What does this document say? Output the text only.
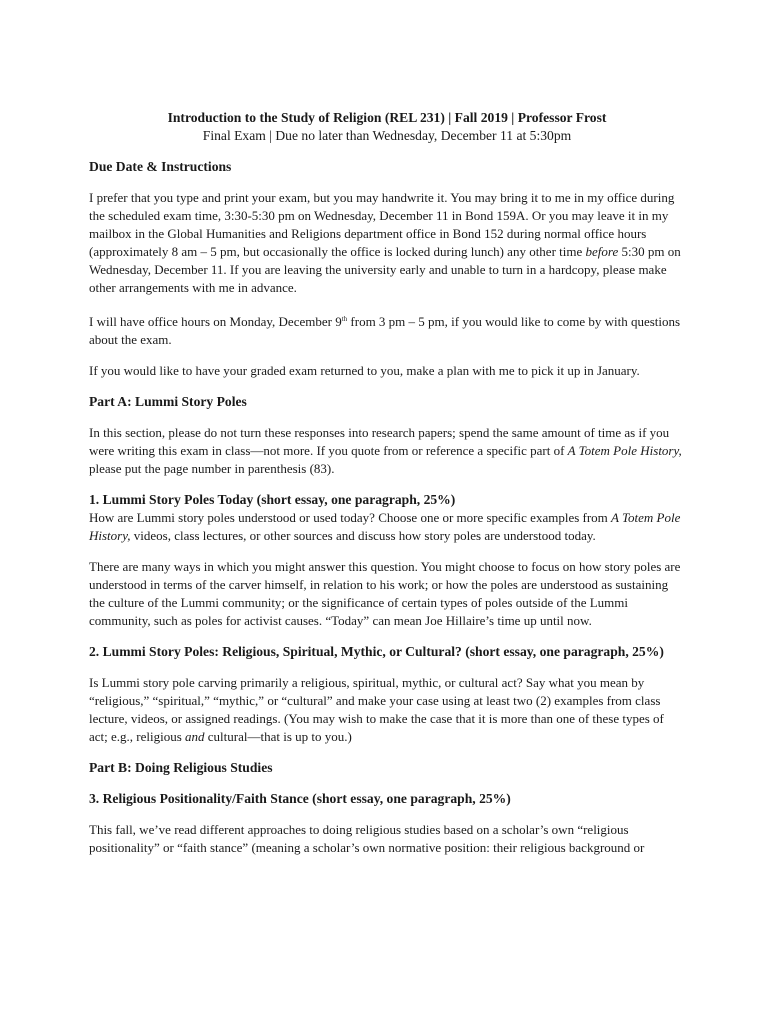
Introduction to the Study of Religion (REL 231) | Fall 2019 | Professor Frost
Final Exam | Due no later than Wednesday, December 11 at 5:30pm
Due Date & Instructions

I prefer that you type and print your exam, but you may handwrite it. You may bring it to me in my office during the scheduled exam time, 3:30-5:30 pm on Wednesday, December 11 in Bond 159A. Or you may leave it in my mailbox in the Global Humanities and Religions department office in Bond 152 during normal office hours (approximately 8 am – 5 pm, but occasionally the office is locked during lunch) any other time before 5:30 pm on Wednesday, December 11. If you are leaving the university early and unable to turn in a hardcopy, please make other arrangements with me in advance.

I will have office hours on Monday, December 9th from 3 pm – 5 pm, if you would like to come by with questions about the exam.

If you would like to have your graded exam returned to you, make a plan with me to pick it up in January.

Part A: Lummi Story Poles

In this section, please do not turn these responses into research papers; spend the same amount of time as if you were writing this exam in class—not more. If you quote from or reference a specific part of A Totem Pole History, please put the page number in parenthesis (83).

1. Lummi Story Poles Today (short essay, one paragraph, 25%)

How are Lummi story poles understood or used today? Choose one or more specific examples from A Totem Pole History, videos, class lectures, or other sources and discuss how story poles are understood today.

There are many ways in which you might answer this question. You might choose to focus on how story poles are understood in terms of the carver himself, in relation to his work; or how the poles are understood as sustaining the culture of the Lummi community; or the significance of certain types of poles outside of the Lummi community, such as poles for activist causes. “Today” can mean Joe Hillaire’s time up until now.

2. Lummi Story Poles: Religious, Spiritual, Mythic, or Cultural? (short essay, one paragraph, 25%)

Is Lummi story pole carving primarily a religious, spiritual, mythic, or cultural act? Say what you mean by “religious,” “spiritual,” “mythic,” or “cultural” and make your case using at least two (2) examples from class lecture, videos, or assigned readings. (You may wish to make the case that it is more than one of these types of act; e.g., religious and cultural—that is up to you.)

Part B: Doing Religious Studies
3. Religious Positionality/Faith Stance (short essay, one paragraph, 25%)

This fall, we’ve read different approaches to doing religious studies based on a scholar’s own “religious positionality” or “faith stance” (meaning a scholar’s own normative position: their religious background or
